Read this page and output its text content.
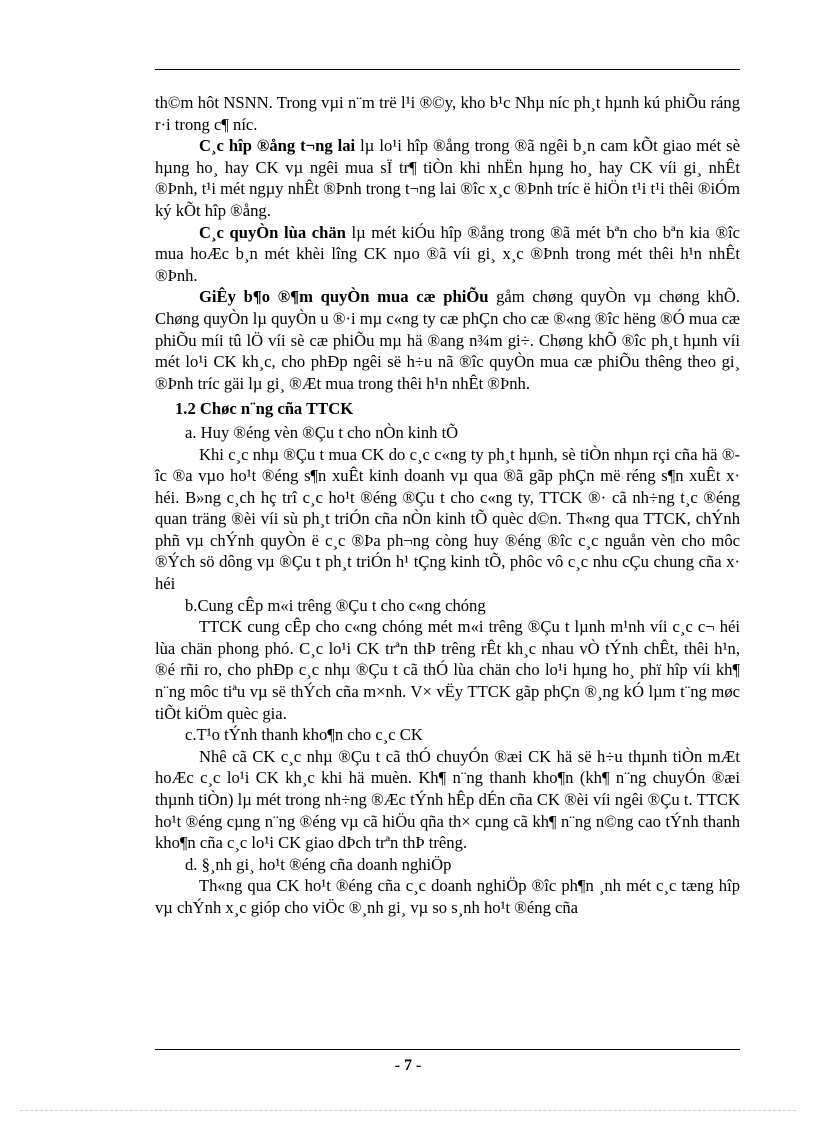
th©m hôt NSNN. Trong vµi n¨m trë l¹i ®©y, kho b¹c Nhµ níc ph¸t hµnh kú phiÕu ráng r·i trong c¶ níc.

C¸c hîp ®ång t¬ng lai lµ lo¹i hîp ®ång trong ®ã ngêi b¸n cam kÕt giao mét sè hµng ho¸ hay CK vµ ngêi mua sÏ tr¶ tiÒn khi nhËn hµng ho¸ hay CK víi gi¸ nhÊt ®Þnh, t¹i mét ngµy nhÊt ®Þnh trong t¬ng lai ®îc x¸c ®Þnh tríc ë hiÖn t¹i t¹i thêi ®iÓm ký kÕt hîp ®ång.

C¸c quyÒn lùa chän lµ mét kiÓu hîp ®ång trong ®ã mét bªn cho bªn kia ®îc mua hoÆc b¸n mét khèi lîng CK nµo ®ã víi gi¸ x¸c ®Þnh trong mét thêi h¹n nhÊt ®Þnh.

GiÊy b¶o ®¶m quyÒn mua cæ phiÕu gåm chøng quyÒn vµ chøng khÕ. Chøng quyÒn lµ quyÒn u ®·i mµ c«ng ty cæ phÇn cho cæ ®«ng ®îc hëng ®Ó mua cæ phiÕu míi tû lÖ víi sè cæ phiÕu mµ hä ®ang n¾m gi÷. Chøng khÕ ®îc ph¸t hµnh víi mét lo¹i CK kh¸c, cho phÐp ngêi së h÷u nã ®îc quyÒn mua cæ phiÕu thêng theo gi¸ ®Þnh tríc gäi lµ gi¸ ®Æt mua trong thêi h¹n nhÊt ®Þnh.

1.2 Chøc n¨ng cña TTCK

a. Huy ®éng vèn ®Çu t cho nÒn kinh tÕ

Khi c¸c nhµ ®Çu t mua CK do c¸c c«ng ty ph¸t hµnh, sè tiÒn nhµn rçi cña hä ®îc ®a vµo ho¹t ®éng s¶n xuÊt kinh doanh vµ qua ®ã gãp phÇn më réng s¶n xuÊt x· héi. B»ng c¸ch hç trî c¸c ho¹t ®éng ®Çu t cho c«ng ty, TTCK ®· cã nh÷ng t¸c ®éng quan träng ®èi víi sù ph¸t triÓn cña nÒn kinh tÕ quèc d©n. Th«ng qua TTCK, chÝnh phñ vµ chÝnh quyÒn ë c¸c ®Þa ph¬ng còng huy ®éng ®îc c¸c nguån vèn cho môc ®Ých sö dông vµ ®Çu t ph¸t triÓn h¹ tÇng kinh tÕ, phôc vô c¸c nhu cÇu chung cña x· héi

b.Cung cÊp m«i trêng ®Çu t cho c«ng chóng

TTCK cung cÊp cho c«ng chóng mét m«i trêng ®Çu t lµnh m¹nh víi c¸c c¬ héi lùa chän phong phó. C¸c lo¹i CK trªn thÞ trêng rÊt kh¸c nhau vÒ tÝnh chÊt, thêi h¹n, ®é rñi ro, cho phÐp c¸c nhµ ®Çu t cã thÓ lùa chän cho lo¹i hµng ho¸ phï hîp víi kh¶ n¨ng môc tiªu vµ së thÝch cña m×nh. V× vËy TTCK gãp phÇn ®¸ng kÓ lµm t¨ng møc tiÕt kiÖm quèc gia.

c.T¹o tÝnh thanh kho¶n cho c¸c CK

Nhê cã CK c¸c nhµ ®Çu t cã thÓ chuyÓn ®æi CK hä së h÷u thµnh tiÒn mÆt hoÆc c¸c lo¹i CK kh¸c khi hä muèn. Kh¶ n¨ng thanh kho¶n (kh¶ n¨ng chuyÓn ®æi thµnh tiÒn) lµ mét trong nh÷ng ®Æc tÝnh hÊp dÉn cña CK ®èi víi ngêi ®Çu t. TTCK ho¹t ®éng cµng n¨ng ®éng vµ cã hiÖu qña th× cµng cã kh¶ n¨ng n©ng cao tÝnh thanh kho¶n cña c¸c lo¹i CK giao dÞch trªn thÞ trêng.

d. §¸nh gi¸ ho¹t ®éng cña doanh nghiÖp

Th«ng qua CK ho¹t ®éng cña c¸c doanh nghiÖp ®îc ph¶n ¸nh mét c¸c tæng hîp vµ chÝnh x¸c gióp cho viÖc ®¸nh gi¸ vµ so s¸nh ho¹t ®éng cña

- 7 -
